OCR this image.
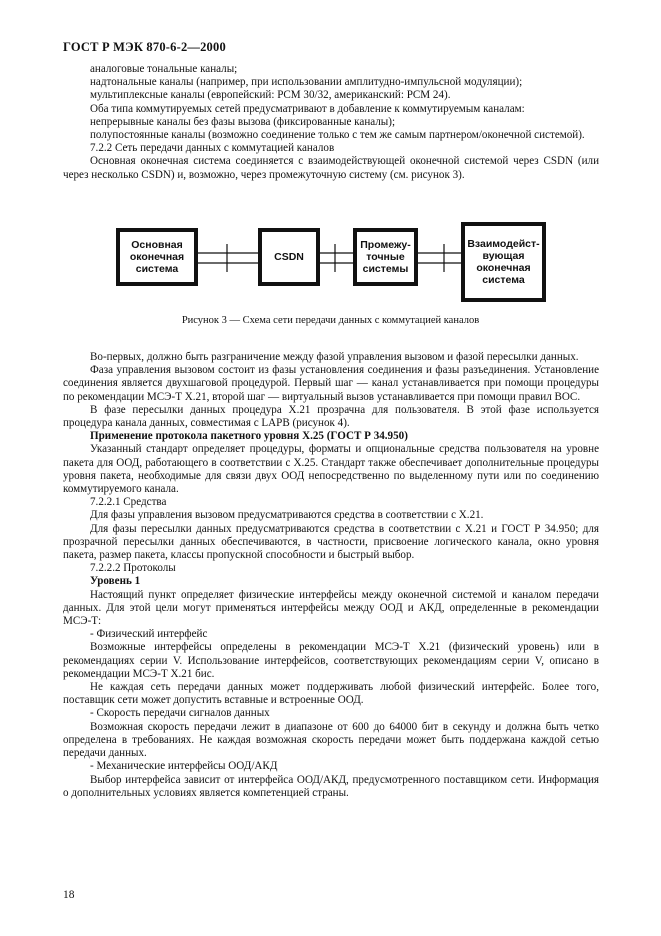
ГОСТ Р МЭК 870-6-2—2000

аналоговые тональные каналы;

надтональные каналы (например, при использовании амплитудно-импульсной модуляции);

мультиплексные каналы (европейский: PCM 30/32, американский: PCM 24).

Оба типа коммутируемых сетей предусматривают в добавление к коммутируемым каналам:

непрерывные каналы без фазы вызова (фиксированные каналы);

полупостоянные каналы (возможно соединение только с тем же самым партнером/оконечной системой).

7.2.2 Сеть передачи данных с коммутацией каналов

Основная оконечная система соединяется с взаимодействующей оконечной системой через CSDN (или через несколько CSDN) и, возможно, через промежуточную систему (см. рисунок 3).

Основная
оконечная
система
CSDN
Промежу-
точные
системы
Взаимодейст-
вующая
оконечная
система
Рисунок 3 — Схема сети передачи данных с коммутацией каналов

Во-первых, должно быть разграничение между фазой управления вызовом и фазой пересылки данных.

Фаза управления вызовом состоит из фазы установления соединения и фазы разъединения. Установление соединения является двухшаговой процедурой. Первый шаг — канал устанавливается при помощи процедуры по рекомендации МСЭ-Т X.21, второй шаг — виртуальный вызов устанавливается при помощи правил BOC.

В фазе пересылки данных процедура X.21 прозрачна для пользователя. В этой фазе используется процедура канала данных, совместимая с LAPB (рисунок 4).

Применение протокола пакетного уровня X.25 (ГОСТ Р 34.950)

Указанный стандарт определяет процедуры, форматы и опциональные средства пользователя на уровне пакета для ООД, работающего в соответствии с X.25. Стандарт также обеспечивает дополнительные процедуры уровня пакета, необходимые для связи двух ООД непосредственно по выделенному пути или по соединению коммутируемого канала.

7.2.2.1 Средства

Для фазы управления вызовом предусматриваются средства в соответствии с X.21.

Для фазы пересылки данных предусматриваются средства в соответствии с X.21 и ГОСТ Р 34.950; для прозрачной пересылки данных обеспечиваются, в частности, присвоение логического канала, окно уровня пакета, размер пакета, классы пропускной способности и быстрый выбор.

7.2.2.2 Протоколы

Уровень 1

Настоящий пункт определяет физические интерфейсы между оконечной системой и каналом передачи данных. Для этой цели могут применяться интерфейсы между ООД и АКД, определенные в рекомендации МСЭ-Т:

- Физический интерфейс

Возможные интерфейсы определены в рекомендации МСЭ-Т X.21 (физический уровень) или в рекомендациях серии V. Использование интерфейсов, соответствующих рекомендациям серии V, описано в рекомендации МСЭ-Т X.21 бис.

Не каждая сеть передачи данных может поддерживать любой физический интерфейс. Более того, поставщик сети может допустить вставные и встроенные ООД.

- Скорость передачи сигналов данных

Возможная скорость передачи лежит в диапазоне от 600 до 64000 бит в секунду и должна быть четко определена в требованиях. Не каждая возможная скорость передачи может быть поддержана каждой сетью передачи данных.

- Механические интерфейсы ООД/АКД

Выбор интерфейса зависит от интерфейса ООД/АКД, предусмотренного поставщиком сети. Информация о дополнительных условиях является компетенцией страны.

18
